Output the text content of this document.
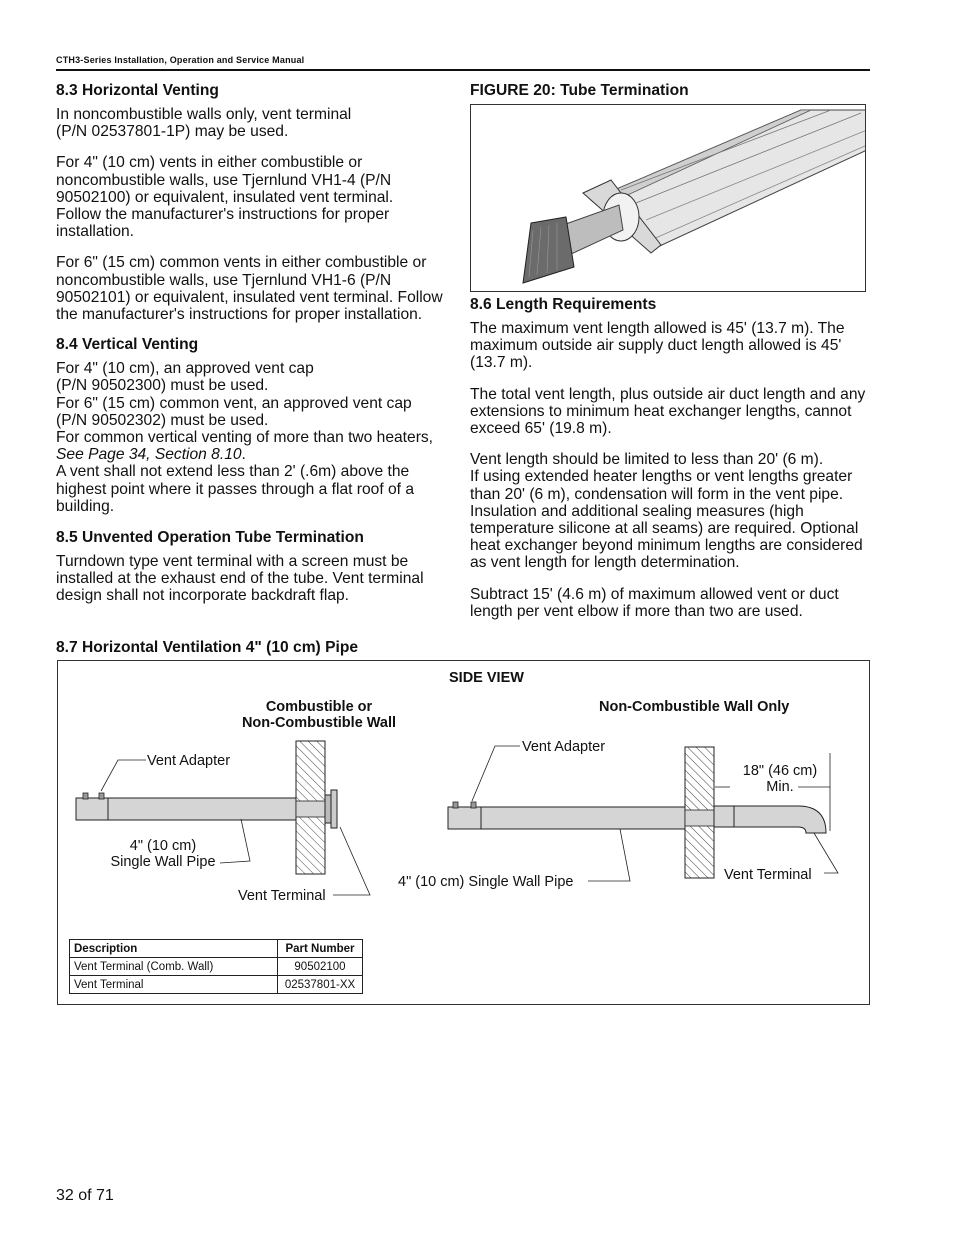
CTH3-Series Installation, Operation and Service Manual
8.3 Horizontal Venting

In noncombustible walls only, vent terminal (P/N 02537801-1P) may be used.

For 4" (10 cm) vents in either combustible or noncombustible walls, use Tjernlund VH1-4 (P/N 90502100) or equivalent, insulated vent terminal. Follow the manufacturer's instructions for proper installation.

For 6" (15 cm) common vents in either combustible or noncombustible walls, use Tjernlund VH1-6 (P/N 90502101) or equivalent, insulated vent terminal. Follow the manufacturer's instructions for proper installation.

8.4 Vertical Venting
For 4" (10 cm), an approved vent cap
(P/N 90502300) must be used.
For 6" (15 cm) common vent, an approved vent cap
(P/N 90502302) must be used.
For common vertical venting of more than two heaters,
See Page 34, Section 8.10.
A vent shall not extend less than 2' (.6m) above the highest point where it passes through a flat roof of a building.
8.5 Unvented Operation Tube Termination

Turndown type vent terminal with a screen must be installed at the exhaust end of the tube. Vent terminal design shall not incorporate backdraft flap.

FIGURE 20: Tube Termination
8.6 Length Requirements

The maximum vent length allowed is 45' (13.7 m). The maximum outside air supply duct length allowed is 45' (13.7 m).

The total vent length, plus outside air duct length and any extensions to minimum heat exchanger lengths, cannot exceed 65' (19.8 m).

Vent length should be limited to less than 20' (6 m).
If using extended heater lengths or vent lengths greater than 20' (6 m), condensation will form in the vent pipe. Insulation and additional sealing measures (high temperature silicone at all seams) are required. Optional heat exchanger beyond minimum lengths are considered as vent length for length determination.

Subtract 15' (4.6 m) of maximum allowed vent or duct length per vent elbow if more than two are used.

8.7 Horizontal Ventilation 4" (10 cm) Pipe
SIDE VIEW
Combustible or
Non-Combustible Wall
Non-Combustible Wall Only
Vent Adapter
Vent Adapter
4" (10 cm)
Single Wall Pipe
4" (10 cm) Single Wall Pipe
Vent Terminal
Vent Terminal
18" (46 cm)
Min.
Description	Part Number
Vent Terminal (Comb. Wall)	90502100
Vent Terminal	02537801-XX
32 of 71
